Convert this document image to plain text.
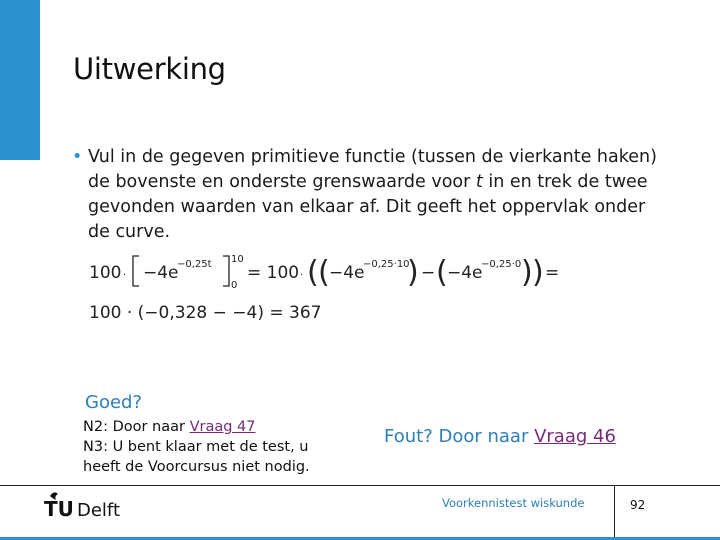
Uitwerking
• Vul in de gegeven primitieve functie (tussen de vierkante haken) de bovenste en onderste grenswaarde voor t in en trek de twee gevonden waarden van elkaar af. Dit geeft het oppervlak onder de curve.
100 · −4e
−0,25t 10
0
= 100 · ( ( −4e
−0,25·10
) − ( −4e
−0,25·0 ) ) =
100 · (−0,328 − −4) = 367
Goed?
N2: Door naar Vraag 47
N3: U bent klaar met de test, u
heeft de Voorcursus niet nodig.
Fout? Door naar Vraag 46
TU Delft	Voorkennistest wiskunde	92
